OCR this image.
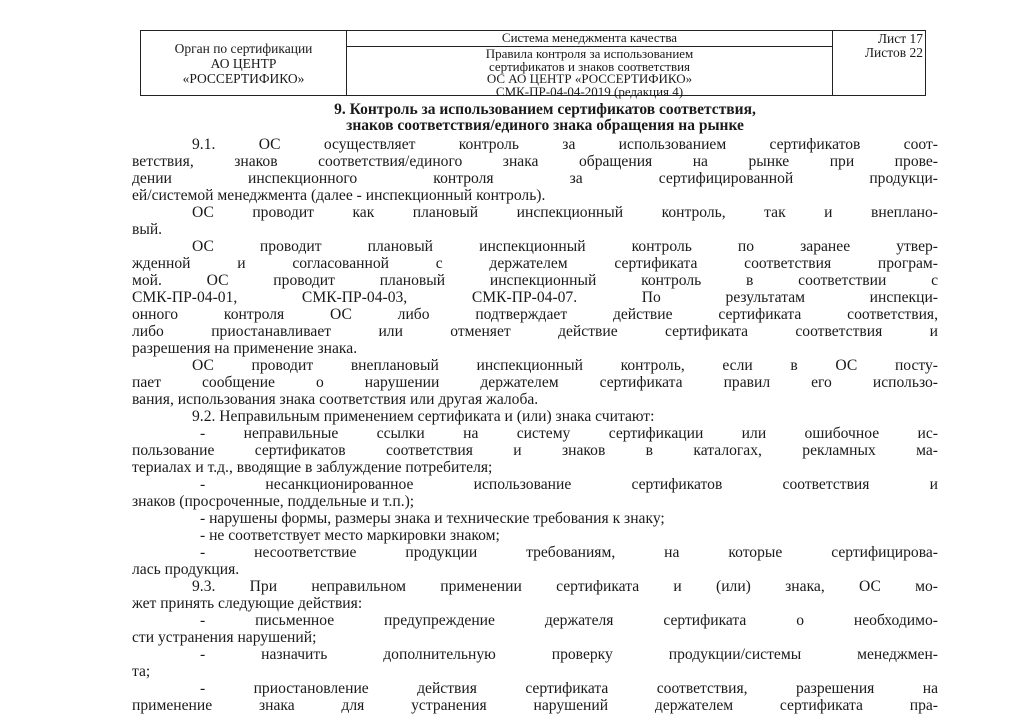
Орган по сертификации
АО ЦЕНТР
«РОССЕРТИФИКО»
Система менеджмента качества
Правила контроля за использованием
сертификатов и знаков соответствия
ОС АО ЦЕНТР «РОССЕРТИФИКО»
СМК-ПР-04-04-2019 (редакция 4)
Лист 17
Листов 22
9. Контроль за использованием сертификатов соответствия,
знаков соответствия/единого знака обращения на рынке
9.1. ОС осуществляет контроль за использованием сертификатов соот-
ветствия, знаков соответствия/единого знака обращения на рынке при прове-
дении инспекционного контроля за сертифицированной продукци-
ей/системой менеджмента (далее - инспекционный контроль).
ОС проводит как плановый инспекционный контроль, так и внеплано-
вый.
ОС проводит плановый инспекционный контроль по заранее утвер-
жденной и согласованной с держателем сертификата соответствия програм-
мой. ОС проводит плановый инспекционный контроль в соответствии с
СМК-ПР-04-01, СМК-ПР-04-03, СМК-ПР-04-07. По результатам инспекци-
онного контроля ОС либо подтверждает действие сертификата соответствия,
либо приостанавливает или отменяет действие сертификата соответствия и
разрешения на применение знака.
ОС проводит внеплановый инспекционный контроль, если в ОС посту-
пает сообщение о нарушении держателем сертификата правил его использо-
вания, использования знака соответствия или другая жалоба.
9.2. Неправильным применением сертификата и (или) знака считают:
- неправильные ссылки на систему сертификации или ошибочное ис-
пользование сертификатов соответствия и знаков в каталогах, рекламных ма-
териалах и т.д., вводящие в заблуждение потребителя;
- несанкционированное использование сертификатов соответствия и
знаков (просроченные, поддельные и т.п.);
- нарушены формы, размеры знака и технические требования к знаку;
- не соответствует место маркировки знаком;
- несоответствие продукции требованиям, на которые сертифицирова-
лась продукция.
9.3. При неправильном применении сертификата и (или) знака, ОС мо-
жет принять следующие действия:
- письменное предупреждение держателя сертификата о необходимо-
сти устранения нарушений;
- назначить дополнительную проверку продукции/системы менеджмен-
та;
- приостановление действия сертификата соответствия, разрешения на
применение знака для устранения нарушений держателем сертификата пра-
